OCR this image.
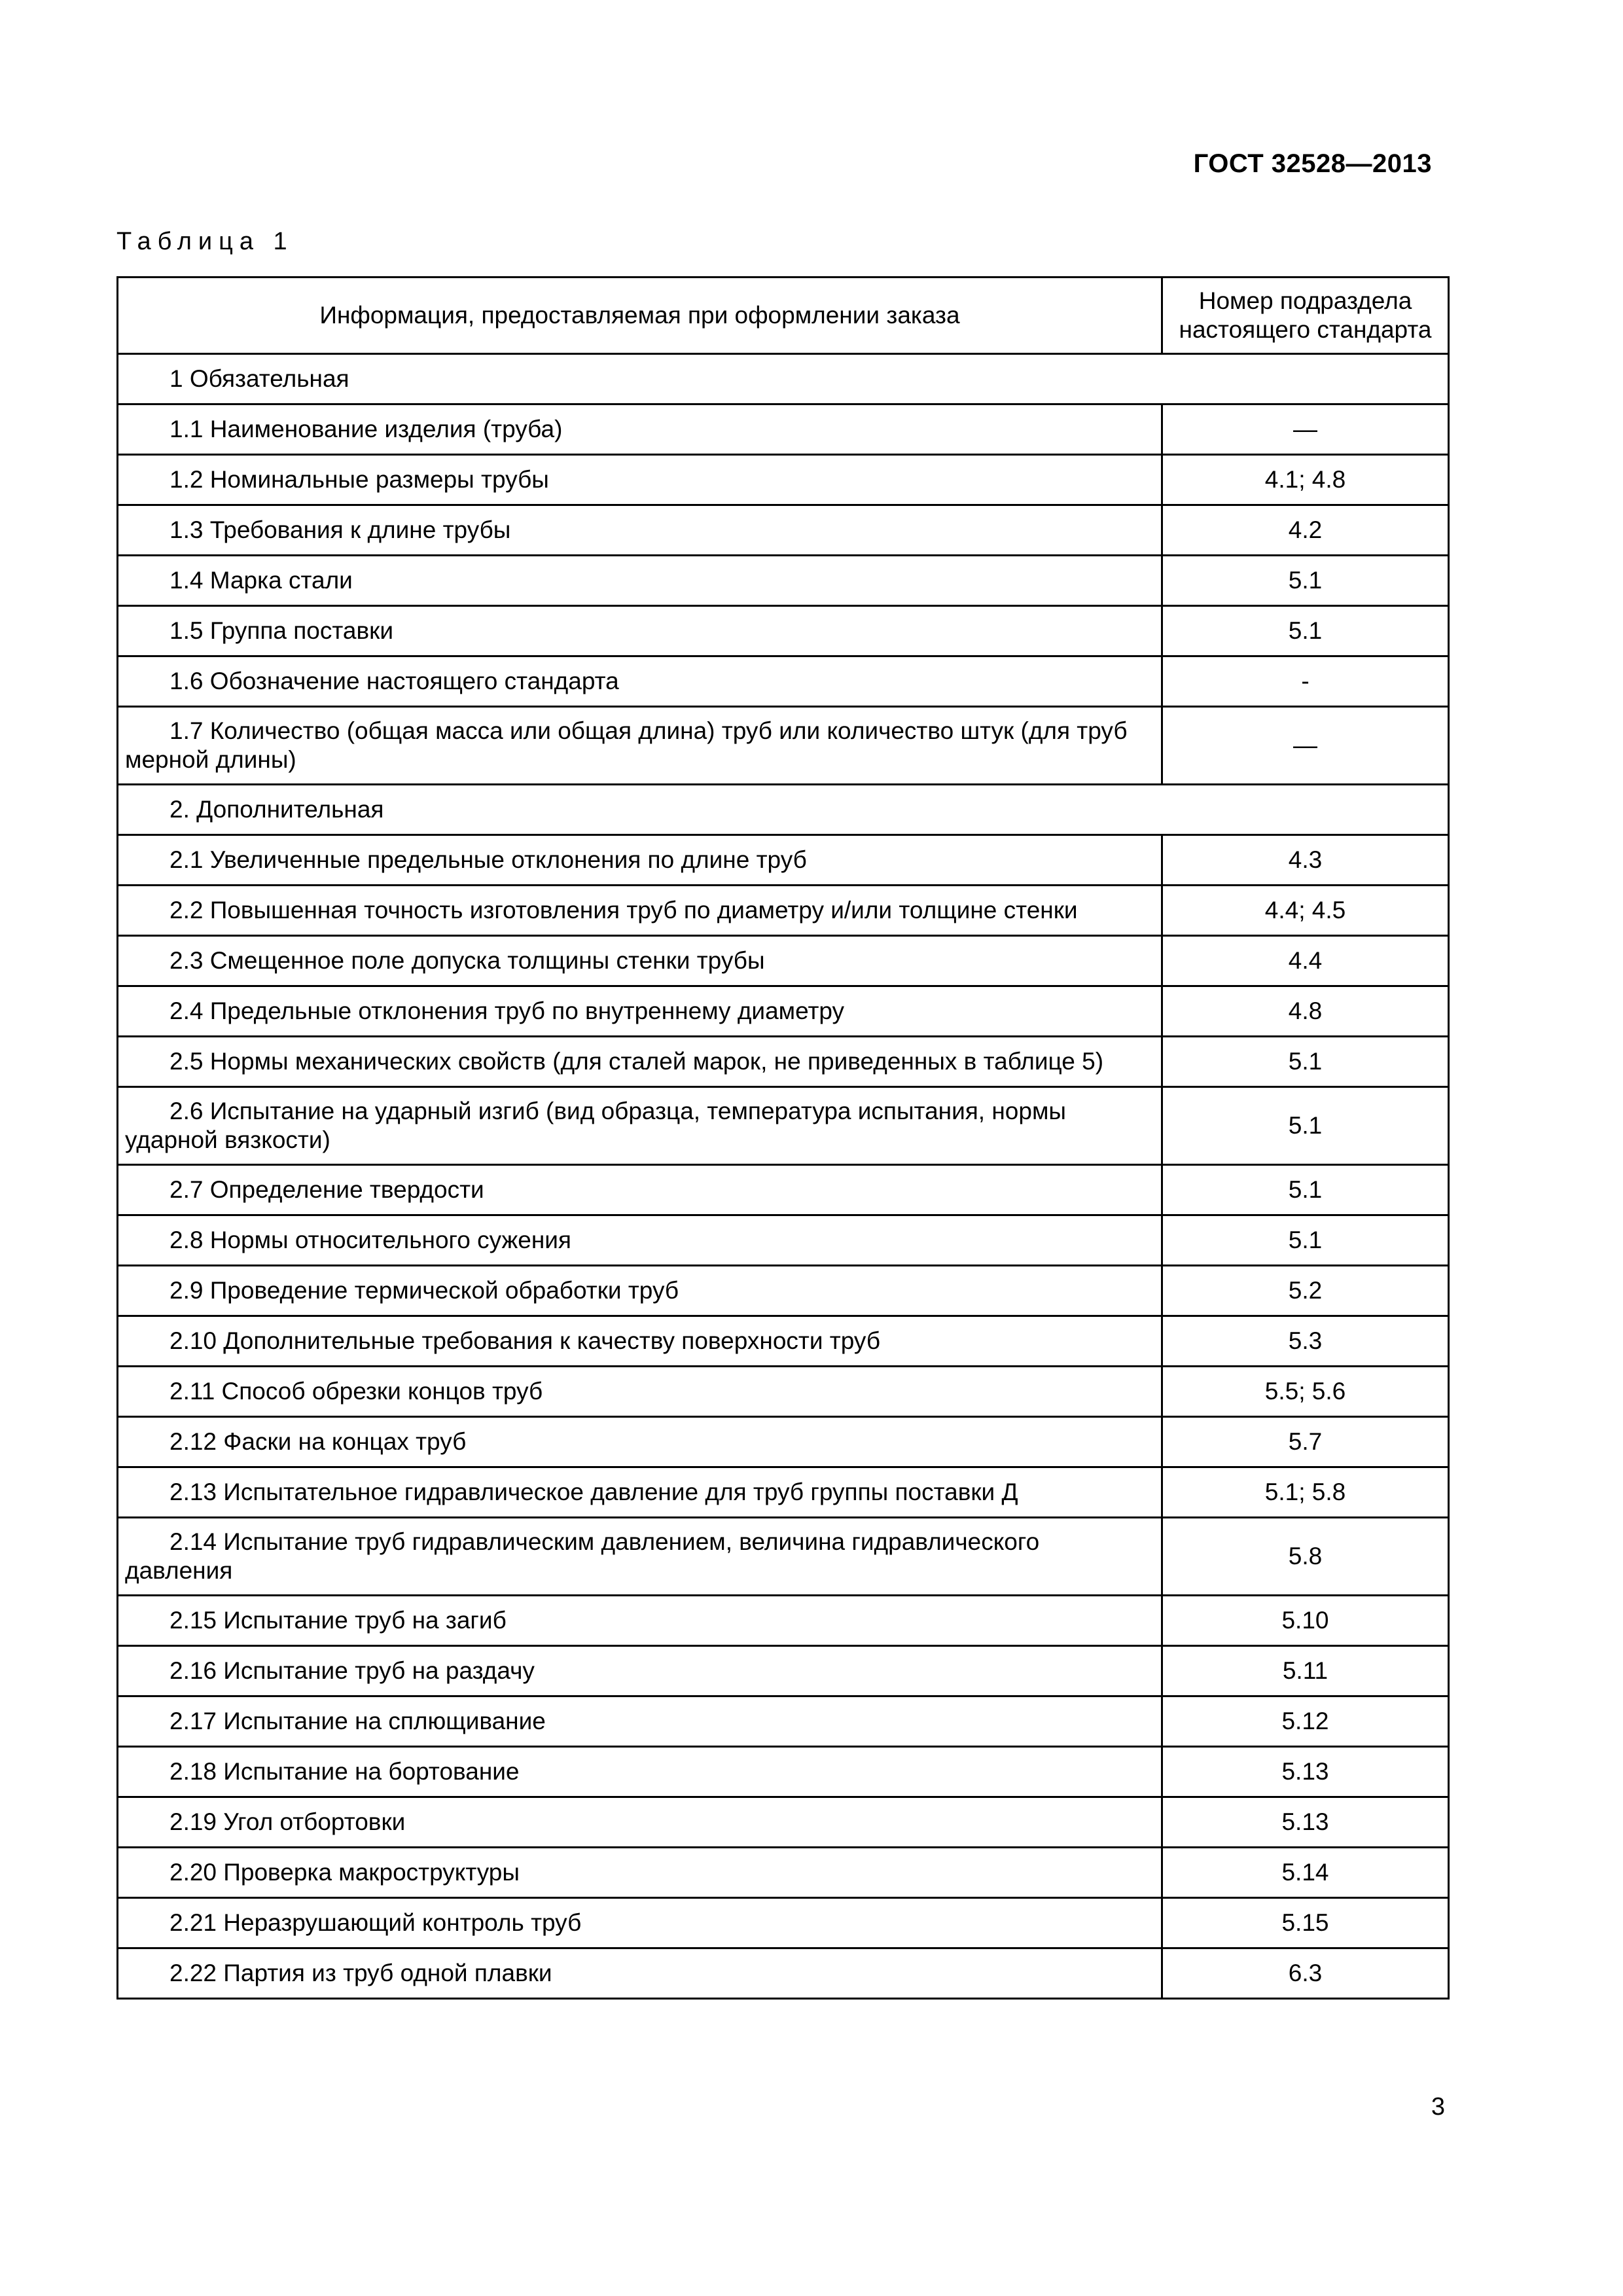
ГОСТ 32528—2013
Таблица 1
Информация, предоставляемая при оформлении заказа	Номер подраздела настоящего стандарта

1 Обязательная	

1.1 Наименование изделия (труба)	—

1.2 Номинальные размеры трубы	4.1; 4.8

1.3 Требования к длине трубы	4.2

1.4 Марка стали	5.1

1.5 Группа поставки	5.1

1.6 Обозначение настоящего стандарта	-

1.7 Количество (общая масса или общая длина) труб или количество штук (для труб мерной длины)	—

2. Дополнительная	

2.1 Увеличенные предельные отклонения по длине труб	4.3

2.2 Повышенная точность изготовления труб по диаметру и/или толщине стенки	4.4; 4.5

2.3 Смещенное поле допуска толщины стенки трубы	4.4

2.4 Предельные отклонения труб по внутреннему диаметру	4.8

2.5 Нормы механических свойств (для сталей марок, не приведенных в таблице 5)	5.1

2.6 Испытание на ударный изгиб (вид образца, температура испытания, нормы ударной вязкости)	5.1

2.7 Определение твердости	5.1

2.8 Нормы относительного сужения	5.1

2.9 Проведение термической обработки труб	5.2

2.10 Дополнительные требования к качеству поверхности труб	5.3

2.11 Способ обрезки концов труб	5.5; 5.6

2.12 Фаски на концах труб	5.7

2.13 Испытательное гидравлическое давление для труб группы поставки Д	5.1; 5.8

2.14 Испытание труб гидравлическим давлением, величина гидравлического давления	5.8

2.15 Испытание труб на загиб	5.10

2.16 Испытание труб на раздачу	5.11

2.17 Испытание на сплющивание	5.12

2.18 Испытание на бортование	5.13

2.19 Угол отбортовки	5.13

2.20 Проверка макроструктуры	5.14

2.21 Неразрушающий контроль труб	5.15

2.22 Партия из труб одной плавки	6.3
3
